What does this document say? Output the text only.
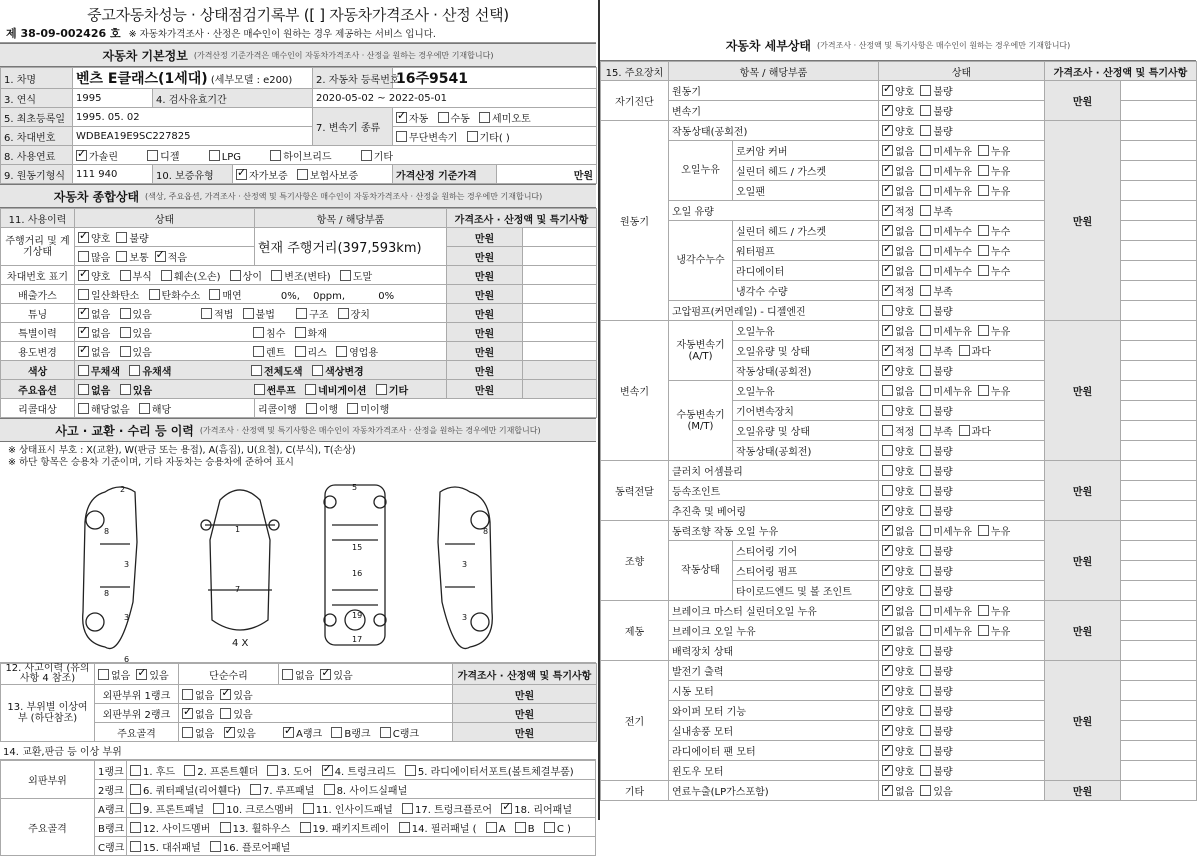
중고자동차성능 · 상태점검기록부 ([ ] 자동차가격조사 · 산정 선택)
제 38-09-002426 호 ※ 자동차가격조사 · 산정은 매수인이 원하는 경우 제공하는 서비스 입니다.
자동차 기본정보 (가격산정 기준가격은 매수인이 자동차가격조사 · 산정을 원하는 경우에만 기재합니다)
1. 차명	벤츠 E클래스(1세대) (세부모델 : e200)			2. 자동차 등록번호	16주9541	
3. 연식	1995	4. 검사유효기간		2020-05-02 ~ 2022-05-01		
5. 최초등록일	1995. 05. 02			7. 변속기 종류	✓자동 수동 세미오토
6. 차대번호	WDBEA19E9SC227825				무단변속기 기타( )	
8. 사용연료	✓가솔린 디젤 LPG 하이브리드 기타
9. 원동기형식	111 940	10. 보증유형	✓자가보증 보험사보증		가격산정 기준가격	만원
자동차 종합상태 (색상, 주요옵션, 가격조사 · 산정액 및 특기사항은 매수인이 자동차가격조사 · 산정을 원하는 경우에만 기재합니다)
11. 사용이력	상태	항목 / 해당부품	가격조사 · 산정액 및 특기사항	
주행거리 및 계기상태	✓양호 불량	현재 주행거리(397,593km)	만원	
	많음 보통 ✓ 적음		만원	
차대번호 표기	✓양호 부식 훼손(오손) 상이 변조(변타) 도말		만원	
배출가스	일산화탄소 탄화수소 매연 0%, 0ppm, 0%		만원	
튜닝	✓없음 있음 적법 불법 구조 장치		만원	
특별이력	✓없음 있음 침수 화재		만원	
용도변경	✓없음 있음 렌트 리스 영업용		만원	
색상	무채색 유채색 전체도색 색상변경		만원	
주요옵션	없음 있음 썬루프 네비게이션 기타		만원	
리콜대상	해당없음 해당	리콜이행 이행 미이행		
사고 · 교환 · 수리 등 이력 (가격조사 · 산정액 및 특기사항은 매수인이 자동차가격조사 · 산정을 원하는 경우에만 기재합니다)
※ 상태표시 부호 : X(교환), W(판금 또는 용접), A(흠집), U(요철), C(부식), T(손상)
※ 하단 항목은 승용차 기준이며, 기타 자동차는 승용차에 준하여 표시
2
8
3
8
3
6
1
7
5
15
16
19
17
8
3
3
4 X
12. 사고이력 (유의사항 4 참조)	없음 ✓ 있음	단순수리	없음 ✓ 있음	가격조사 · 산정액 및 특기사항
13. 부위별 이상여부 (하단참조)	외판부위 1랭크	없음 ✓ 있음		만원
	외판부위 2랭크	✓없음 있음		만원
	주요골격	없음 ✓ 있음 ✓ A랭크 B랭크 C랭크		만원
14. 교환,판금 등 이상 부위
외판부위	1랭크	1. 후드 2. 프론트휀더 3. 도어 ✓ 4. 트렁크리드 5. 라디에이터서포트(볼트체결부품)
	2랭크	6. 쿼터패널(리어휀다) 7. 루프패널 8. 사이드실패널
주요골격	A랭크	9. 프론트패널 10. 크로스멤버 11. 인사이드패널 17. 트렁크플로어 ✓ 18. 리어패널
	B랭크	12. 사이드멤버 13. 휠하우스 19. 패키지트레이 14. 필러패널 ( A B C )
	C랭크	15. 대쉬패널 16. 플로어패널
자동차 세부상태 (가격조사 · 산정액 및 특기사항은 매수인이 원하는 경우에만 기재합니다)
15. 주요장치	항목 / 해당부품		상태	가격조사 · 산정액 및 특기사항	
자기진단	원동기	✓양호 불량	만원	
	변속기	✓양호 불량	
원동기	작동상태(공회전)	✓양호 불량	만원	
	오일누유	로커암 커버	✓없음 미세누유 누유	
		실린더 헤드 / 가스켓	✓없음 미세누유 누유	
		오일팬	✓없음 미세누유 누유	
	오일 유량	✓적정 부족	
	냉각수누수	실린더 헤드 / 가스켓	✓없음 미세누수 누수	
		워터펌프	✓없음 미세누수 누수	
		라디에이터	✓없음 미세누수 누수	
		냉각수 수량	✓적정 부족	
	고압펌프(커먼레일) - 디젤엔진		양호 불량		
변속기	자동변속기 (A/T)	오일누유	✓없음 미세누유 누유	만원	
		오일유량 및 상태	✓적정 부족 과다	
		작동상태(공회전)	✓양호 불량	
	수동변속기 (M/T)	오일누유	없음 미세누유 누유		
		기어변속장치	양호 불량		
		오일유량 및 상태	적정 부족 과다		
		작동상태(공회전)	양호 불량		
동력전달	클러치 어셈블리		양호 불량	만원	
	등속조인트		양호 불량		
	추진축 및 베어링	✓양호 불량	
조향	동력조향 작동 오일 누유	✓없음 미세누유 누유	만원	
	작동상태	스티어링 기어	✓양호 불량	
		스티어링 펌프	✓양호 불량	
		타이로드엔드 및 볼 조인트	✓양호 불량	
제동	브레이크 마스터 실린더오일 누유	✓없음 미세누유 누유	만원	
	브레이크 오일 누유	✓없음 미세누유 누유	
	배력장치 상태	✓양호 불량	
전기	발전기 출력	✓양호 불량	만원	
	시동 모터	✓양호 불량	
	와이퍼 모터 기능	✓양호 불량	
	실내송풍 모터	✓양호 불량	
	라디에이터 팬 모터	✓양호 불량	
	윈도우 모터	✓양호 불량	
기타	연료누출(LP가스포함)	✓없음 있음	만원	
